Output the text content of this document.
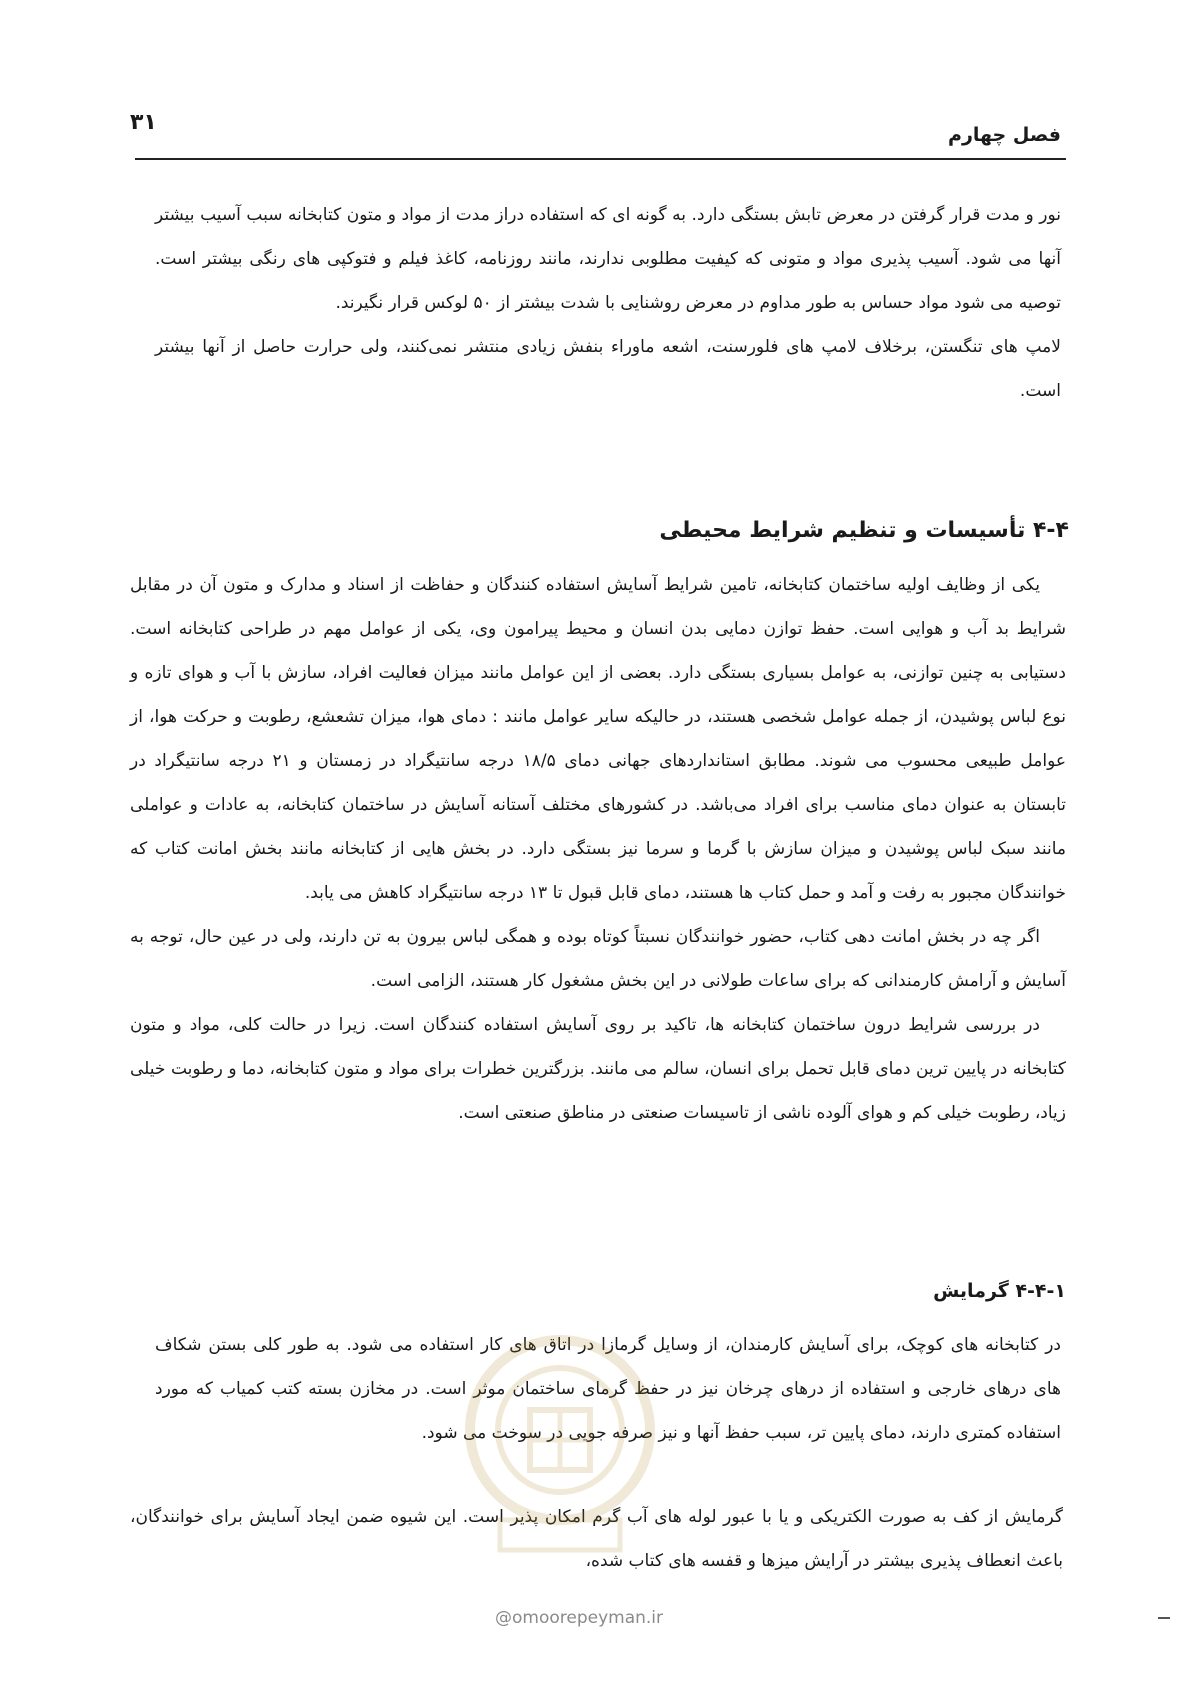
۳۱	فصل چهارم

نور و مدت قرار گرفتن در معرض تابش بستگی دارد. به گونه ای که استفاده دراز مدت از مواد و متون کتابخانه سبب آسیب بیشتر آنها می شود. آسیب پذیری مواد و متونی که کیفیت مطلوبی ندارند، مانند روزنامه، کاغذ فیلم و فتوکپی های رنگی بیشتر است. توصیه می شود مواد حساس به طور مداوم در معرض روشنایی با شدت بیشتر از ۵۰ لوکس قرار نگیرند.

لامپ های تنگستن، برخلاف لامپ های فلورسنت، اشعه ماوراء بنفش زیادی منتشر نمی‌کنند، ولی حرارت حاصل از آنها بیشتر است.

۴-۴ تأسیسات و تنظیم شرایط محیطی

یکی از وظایف اولیه ساختمان کتابخانه، تامین شرایط آسایش استفاده کنندگان و حفاظت از اسناد و مدارک و متون آن در مقابل شرایط بد آب و هوایی است. حفظ توازن دمایی بدن انسان و محیط پیرامون وی، یکی از عوامل مهم در طراحی کتابخانه است. دستیابی به چنین توازنی، به عوامل بسیاری بستگی دارد. بعضی از این عوامل مانند میزان فعالیت افراد، سازش با آب و هوای تازه و نوع لباس پوشیدن، از جمله عوامل شخصی هستند، در حالیکه سایر عوامل مانند : دمای هوا، میزان تشعشع، رطوبت و حرکت هوا، از عوامل طبیعی محسوب می شوند. مطابق استانداردهای جهانی دمای ۱۸/۵ درجه سانتیگراد در زمستان و ۲۱ درجه سانتیگراد در تابستان به عنوان دمای مناسب برای افراد می‌باشد. در کشورهای مختلف آستانه آسایش در ساختمان کتابخانه، به عادات و عواملی مانند سبک لباس پوشیدن و میزان سازش با گرما و سرما نیز بستگی دارد. در بخش هایی از کتابخانه مانند بخش امانت کتاب که خوانندگان مجبور به رفت و آمد و حمل کتاب ها هستند، دمای قابل قبول تا ۱۳ درجه سانتیگراد کاهش می یابد.

اگر چه در بخش امانت دهی کتاب، حضور خوانندگان نسبتاً کوتاه بوده و همگی لباس بیرون به تن دارند، ولی در عین حال، توجه به آسایش و آرامش کارمندانی که برای ساعات طولانی در این بخش مشغول کار هستند، الزامی است.

در بررسی شرایط درون ساختمان کتابخانه ها، تاکید بر روی آسایش استفاده کنندگان است. زیرا در حالت کلی، مواد و متون کتابخانه در پایین ترین دمای قابل تحمل برای انسان، سالم می مانند. بزرگترین خطرات برای مواد و متون کتابخانه، دما و رطوبت خیلی زیاد، رطوبت خیلی کم و هوای آلوده ناشی از تاسیسات صنعتی در مناطق صنعتی است.

۴-۴-۱ گرمایش

در کتابخانه های کوچک، برای آسایش کارمندان، از وسایل گرمازا در اتاق های کار استفاده می شود. به طور کلی بستن شکاف های درهای خارجی و استفاده از درهای چرخان نیز در حفظ گرمای ساختمان موثر است. در مخازن بسته کتب کمیاب که مورد استفاده کمتری دارند، دمای پایین تر، سبب حفظ آنها و نیز صرفه جویی در سوخت می شود.

گرمایش از کف به صورت الکتریکی و یا با عبور لوله های آب گرم امکان پذیر است. این شیوه ضمن ایجاد آسایش برای خوانندگان، باعث انعطاف پذیری بیشتر در آرایش میزها و قفسه های کتاب شده،

@omoorepeyman.ir
